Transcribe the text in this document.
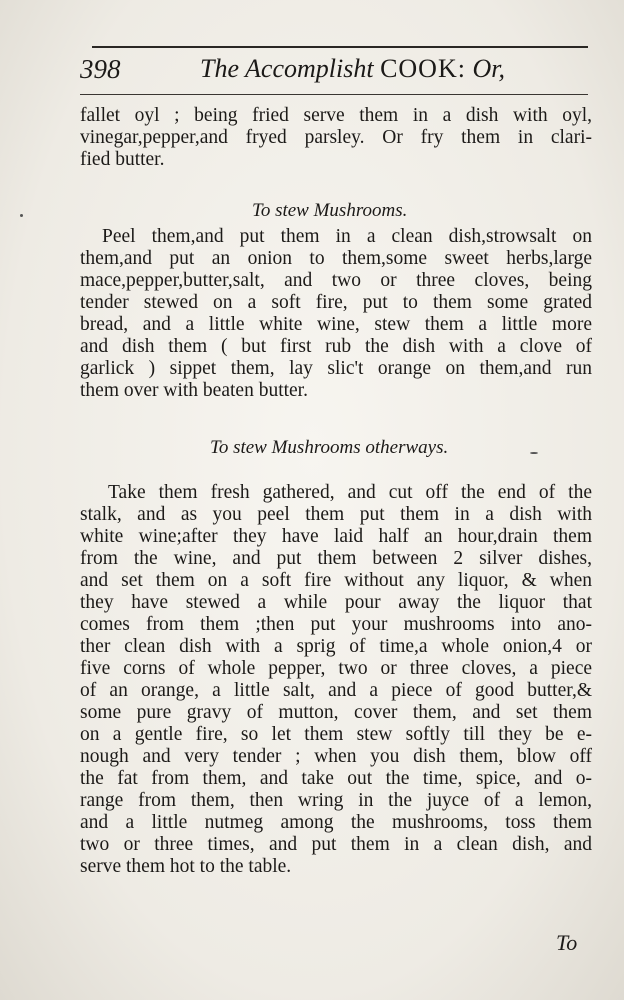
398	The Accomplisht COOK: Or,
fallet oyl ; being fried serve them in a dish with oyl,
vinegar,pepper,and fryed parsley. Or fry them in clari-
fied butter.
To stew Mushrooms.
Peel them,and put them in a clean dish,strowsalt on
them,and put an onion to them,some sweet herbs,large
mace,pepper,butter,salt, and two or three cloves, being
tender stewed on a soft fire, put to them some grated
bread, and a little white wine, stew them a little more
and dish them ( but first rub the dish with a clove of
garlick ) sippet them, lay slic't orange on them,and run
them over with beaten butter.
To stew Mushrooms otherways.
Take them fresh gathered, and cut off the end of the
stalk, and as you peel them put them in a dish with
white wine;after they have laid half an hour,drain them
from the wine, and put them between 2 silver dishes,
and set them on a soft fire without any liquor, & when
they have stewed a while pour away the liquor that
comes from them ;then put your mushrooms into ano-
ther clean dish with a sprig of time,a whole onion,4 or
five corns of whole pepper, two or three cloves, a piece
of an orange, a little salt, and a piece of good butter,&
some pure gravy of mutton, cover them, and set them
on a gentle fire, so let them stew softly till they be e-
nough and very tender ; when you dish them, blow off
the fat from them, and take out the time, spice, and o-
range from them, then wring in the juyce of a lemon,
and a little nutmeg among the mushrooms, toss them
two or three times, and put them in a clean dish, and
serve them hot to the table.
To
